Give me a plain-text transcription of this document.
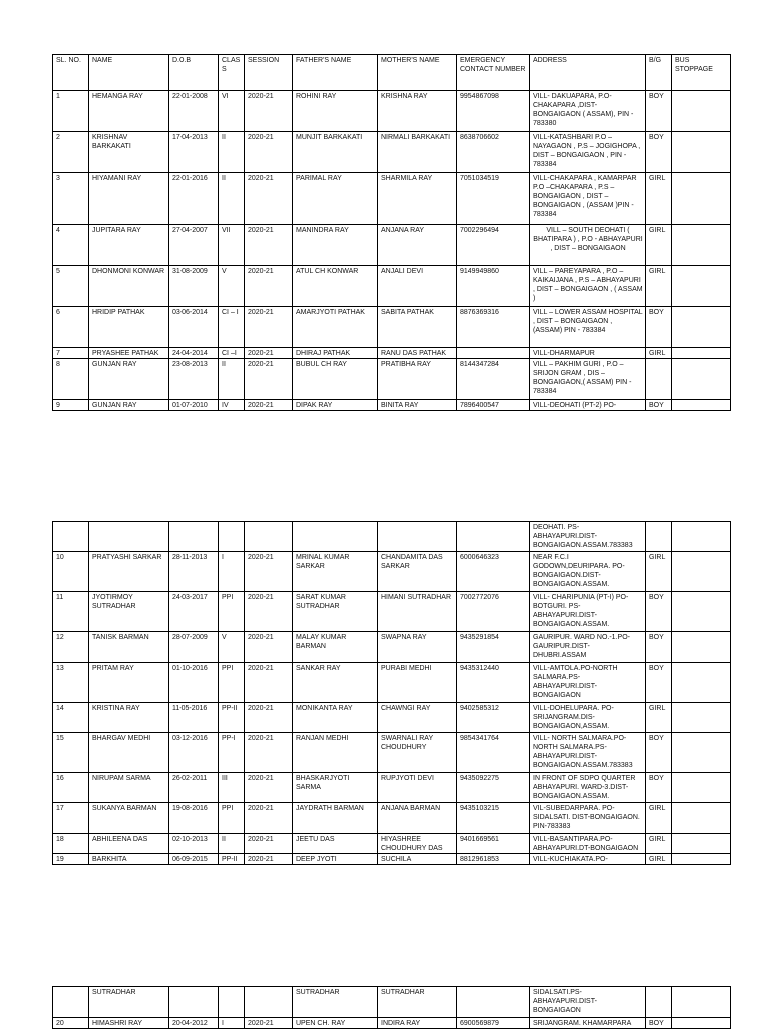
SL. NO.	NAME	D.O.B	CLASS	SESSION	FATHER'S NAME	MOTHER'S NAME	EMERGENCY CONTACT NUMBER	ADDRESS	B/G	BUS STOPPAGE
1	HEMANGA RAY	22-01-2008	VI	2020-21	ROHINI RAY	KRISHNA RAY	9954867098	VILL- DAKUAPARA, P.O- CHAKAPARA ,DIST- BONGAIGAON ( ASSAM), PIN - 783380	BOY	
2	KRISHNAV BARKAKATI	17-04-2013	II	2020-21	MUNJIT BARKAKATI	NIRMALI BARKAKATI	8638706602	VILL-KATASHBARI P.O – NAYAGAON , P.S – JOGIGHOPA , DIST – BONGAIGAON , PIN - 783384	BOY	
3	HIYAMANI RAY	22-01-2016	II	2020-21	PARIMAL RAY	SHARMILA RAY	7051034519	VILL-CHAKAPARA , KAMARPAR P.O –CHAKAPARA , P.S – BONGAIGAON , DIST – BONGAIGAON , (ASSAM )PIN - 783384	GIRL	
4	JUPITARA RAY	27-04-2007	VII	2020-21	MANINDRA RAY	ANJANA RAY	7002296494	VILL – SOUTH DEOHATI ( BHATIPARA ) , P.O - ABHAYAPURI , DIST – BONGAIGAON	GIRL	
5	DHONMONI KONWAR	31-08-2009	V	2020-21	ATUL CH KONWAR	ANJALI DEVI	9149949860	VILL – PAREYAPARA , P.O – KAIKAIJANA , P.S – ABHAYAPURI , DIST – BONGAIGAON , ( ASSAM )	GIRL	
6	HRIDIP PATHAK	03-06-2014	CI – I	2020-21	AMARJYOTI PATHAK	SABITA PATHAK	8876369316	VILL – LOWER ASSAM HOSPITAL , DIST – BONGAIGAON , (ASSAM) PIN - 783384	BOY	
7	PRYASHEE PATHAK	24-04-2014	CI –I	2020-21	DHIRAJ PATHAK	RANU DAS PATHAK		VILL-DHARMAPUR	GIRL	
8	GUNJAN RAY	23-08-2013	II	2020-21	BUBUL CH RAY	PRATIBHA RAY	8144347284	VILL – PAKHIM GURI , P.O – SRIJON GRAM , DIS – BONGAIGAON,( ASSAM) PIN - 783384		
9	GUNJAN RAY	01-07-2010	IV	2020-21	DIPAK RAY	BINITA RAY	7896400547	VILL-DEOHATI (PT-2) PO-	BOY	
								DEOHATI. PS- ABHAYAPURI.DIST- BONGAIGAON.ASSAM.783383		
10	PRATYASHI SARKAR	28-11-2013	I	2020-21	MRINAL KUMAR SARKAR	CHANDAMITA DAS SARKAR	6000646323	NEAR F.C.I GODOWN,DEURIPARA. PO- BONGAIGAON.DIST- BONGAIGAON.ASSAM.	GIRL	
11	JYOTIRMOY SUTRADHAR	24-03-2017	PPI	2020-21	SARAT KUMAR SUTRADHAR	HIMANI SUTRADHAR	7002772076	VILL- CHARIPUNIA (PT-I) PO- BOTGURI. PS- ABHAYAPURI.DIST- BONGAIGAON.ASSAM.	BOY	
12	TANISK BARMAN	28-07-2009	V	2020-21	MALAY KUMAR BARMAN	SWAPNA RAY	9435291854	GAURIPUR. WARD NO.-1.PO- GAURIPUR.DIST- DHUBRI.ASSAM	BOY	
13	PRITAM RAY	01-10-2016	PPI	2020-21	SANKAR RAY	PURABI MEDHI	9435312440	VILL-AMTOLA.PO-NORTH SALMARA.PS- ABHAYAPURI.DIST- BONGAIGAON	BOY	
14	KRISTINA RAY	11-05-2016	PP-II	2020-21	MONIKANTA RAY	CHAWNGI RAY	9402585312	VILL-DOHELUPARA. PO- SRIJANGRAM.DIS- BONGAIGAON,ASSAM.	GIRL	
15	BHARGAV MEDHI	03-12-2016	PP-I	2020-21	RANJAN MEDHI	SWARNALI RAY CHOUDHURY	9854341764	VILL- NORTH SALMARA.PO- NORTH SALMARA.PS- ABHAYAPURI.DIST- BONGAIGAON.ASSAM.783383	BOY	
16	NIRUPAM SARMA	26-02-2011	III	2020-21	BHASKARJYOTI SARMA	RUPJYOTI DEVI	9435092275	IN FRONT OF SDPO QUARTER ABHAYAPURI. WARD-3.DIST- BONGAIGAON.ASSAM.	BOY	
17	SUKANYA BARMAN	19-08-2016	PPI	2020-21	JAYDRATH BARMAN	ANJANA BARMAN	9435103215	VIL-SUBEDARPARA. PO- SIDALSATI. DIST-BONGAIGAON. PIN-783383	GIRL	
18	ABHILEENA DAS	02-10-2013	II	2020-21	JEETU DAS	HIYASHREE CHOUDHURY DAS	9401669561	VILL-BASANTIPARA.PO- ABHAYAPURI.DT-BONGAIGAON	GIRL	
19	BARKHITA	06-09-2015	PP-II	2020-21	DEEP JYOTI	SUCHILA	8812961853	VILL-KUCHIAKATA.PO-	GIRL	
	SUTRADHAR				SUTRADHAR	SUTRADHAR		SIDALSATI.PS- ABHAYAPURI.DIST- BONGAIGAON		
20	HIMASHRI RAY	20-04-2012	I	2020-21	UPEN CH. RAY	INDIRA RAY	6900569879	SRIJANGRAM. KHAMARPARA	BOY	
